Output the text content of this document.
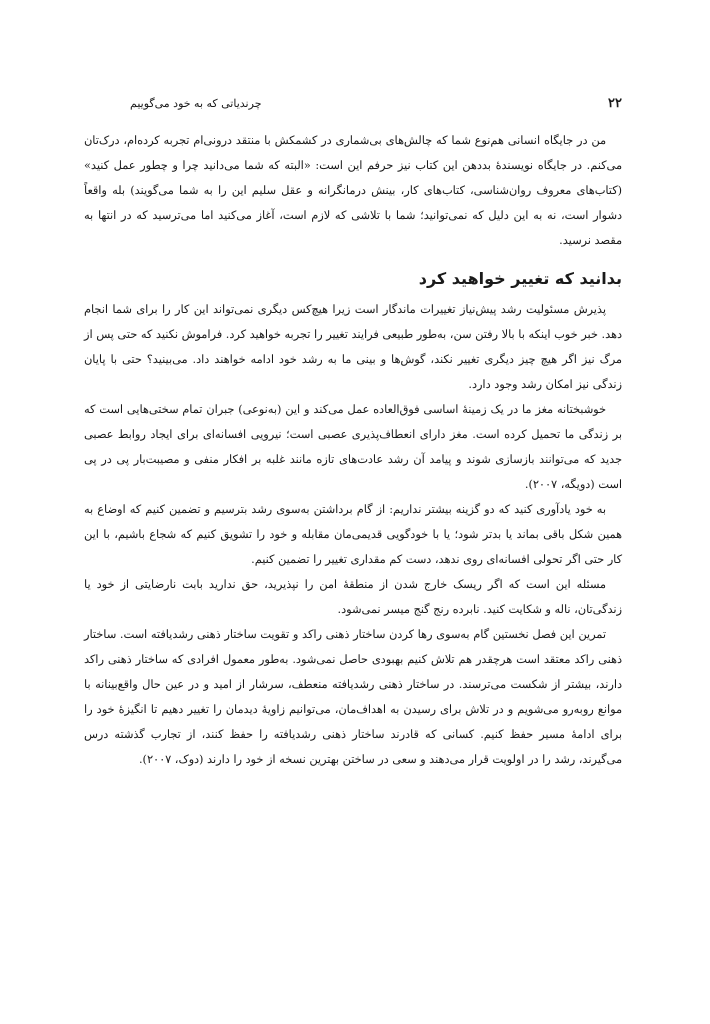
۲۲
چرندیاتی که به خود می‌گوییم

من در جایگاه انسانی هم‌نوع شما که چالش‌های بی‌شماری در کشمکش با منتقد درونی‌ام تجربه کرده‌ام، درک‌تان می‌کنم. در جایگاه نویسندهٔ بددهن این کتاب نیز حرفم این است: «البته که شما می‌دانید چرا و چطور عمل کنید» (کتاب‌های معروف روان‌شناسی، کتاب‌های کار، بینش درمانگرانه و عقل سلیم این را به شما می‌گویند) بله واقعاً دشوار است، نه به این دلیل که نمی‌توانید؛ شما با تلاشی که لازم است، آغاز می‌کنید اما می‌ترسید که در انتها به مقصد نرسید.

بدانید که تغییر خواهید کرد

پذیرش مسئولیت رشد پیش‌نیاز تغییرات ماندگار است زیرا هیچ‌کس دیگری نمی‌تواند این کار را برای شما انجام دهد. خبر خوب اینکه با بالا رفتن سن، به‌طور طبیعی فرایند تغییر را تجربه خواهید کرد. فراموش نکنید که حتی پس از مرگ نیز اگر هیچ چیز دیگری تغییر نکند، گوش‌ها و بینی ما به رشد خود ادامه خواهند داد. می‌بینید؟ حتی با پایان زندگی نیز امکان رشد وجود دارد.

خوشبختانه مغز ما در یک زمینهٔ اساسی فوق‌العاده عمل می‌کند و این (به‌نوعی) جبران تمام سختی‌هایی است که بر زندگی ما تحمیل کرده است. مغز دارای انعطاف‌پذیری عصبی است؛ نیرویی افسانه‌ای برای ایجاد روابط عصبی جدید که می‌توانند بازسازی شوند و پیامد آن رشد عادت‌های تازه مانند غلبه بر افکار منفی و مصیبت‌بار پی در پی است (دویگه، ۲۰۰۷).

به خود یادآوری کنید که دو گزینه بیشتر نداریم: از گام برداشتن به‌سوی رشد بترسیم و تضمین کنیم که اوضاع به همین شکل باقی بماند یا بدتر شود؛ یا با خودگویی قدیمی‌مان مقابله و خود را تشویق کنیم که شجاع باشیم، با این کار حتی اگر تحولی افسانه‌ای روی ندهد، دست کم مقداری تغییر را تضمین کنیم.

مسئله این است که اگر ریسک خارج شدن از منطقهٔ امن را نپذیرید، حق ندارید بابت نارضایتی از خود یا زندگی‌تان، ناله و شکایت کنید. نابرده رنج گنج میسر نمی‌شود.

تمرین این فصل نخستین گام به‌سوی رها کردن ساختار ذهنی راکد و تقویت ساختار ذهنی رشدیافته است. ساختار ذهنی راکد معتقد است هرچقدر هم تلاش کنیم بهبودی حاصل نمی‌شود. به‌طور معمول افرادی که ساختار ذهنی راکد دارند، بیشتر از شکست می‌ترسند. در ساختار ذهنی رشدیافته منعطف، سرشار از امید و در عین حال واقع‌بینانه با موانع روبه‌رو می‌شویم و در تلاش برای رسیدن به اهداف‌مان، می‌توانیم زاویهٔ دیدمان را تغییر دهیم تا انگیزهٔ خود را برای ادامهٔ مسیر حفظ کنیم. کسانی که قادرند ساختار ذهنی رشدیافته را حفظ کنند، از تجارب گذشته درس می‌گیرند، رشد را در اولویت قرار می‌دهند و سعی در ساختن بهترین نسخه از خود را دارند (دوک، ۲۰۰۷).
